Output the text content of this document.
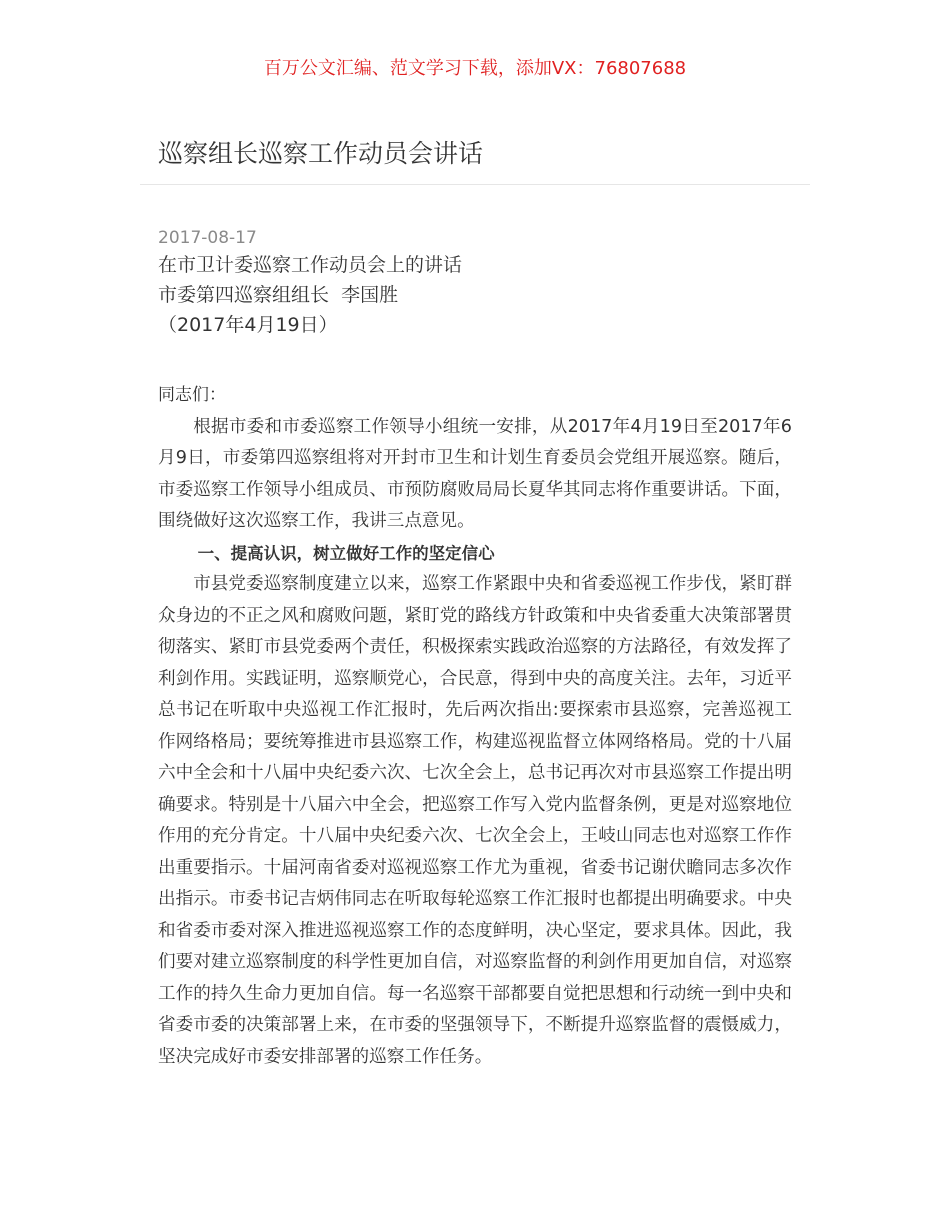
百万公文汇编、范文学习下载，添加VX：76807688
巡察组长巡察工作动员会讲话
2017-08-17
在市卫计委巡察工作动员会上的讲话
市委第四巡察组组长  李国胜
（2017年4月19日）
同志们：

根据市委和市委巡察工作领导小组统一安排，从2017年4月19日至2017年6月9日，市委第四巡察组将对开封市卫生和计划生育委员会党组开展巡察。随后，市委巡察工作领导小组成员、市预防腐败局局长夏华其同志将作重要讲话。下面，围绕做好这次巡察工作，我讲三点意见。

一、提高认识，树立做好工作的坚定信心

市县党委巡察制度建立以来，巡察工作紧跟中央和省委巡视工作步伐，紧盯群众身边的不正之风和腐败问题，紧盯党的路线方针政策和中央省委重大决策部署贯彻落实、紧盯市县党委两个责任，积极探索实践政治巡察的方法路径，有效发挥了利剑作用。实践证明，巡察顺党心，合民意，得到中央的高度关注。去年，习近平总书记在听取中央巡视工作汇报时，先后两次指出:要探索市县巡察，完善巡视工作网络格局；要统筹推进市县巡察工作，构建巡视监督立体网络格局。党的十八届六中全会和十八届中央纪委六次、七次全会上，总书记再次对市县巡察工作提出明确要求。特别是十八届六中全会，把巡察工作写入党内监督条例，更是对巡察地位作用的充分肯定。十八届中央纪委六次、七次全会上，王岐山同志也对巡察工作作出重要指示。十届河南省委对巡视巡察工作尤为重视，省委书记谢伏瞻同志多次作出指示。市委书记吉炳伟同志在听取每轮巡察工作汇报时也都提出明确要求。中央和省委市委对深入推进巡视巡察工作的态度鲜明，决心坚定，要求具体。因此，我们要对建立巡察制度的科学性更加自信，对巡察监督的利剑作用更加自信，对巡察工作的持久生命力更加自信。每一名巡察干部都要自觉把思想和行动统一到中央和省委市委的决策部署上来，在市委的坚强领导下，不断提升巡察监督的震慑威力，坚决完成好市委安排部署的巡察工作任务。
